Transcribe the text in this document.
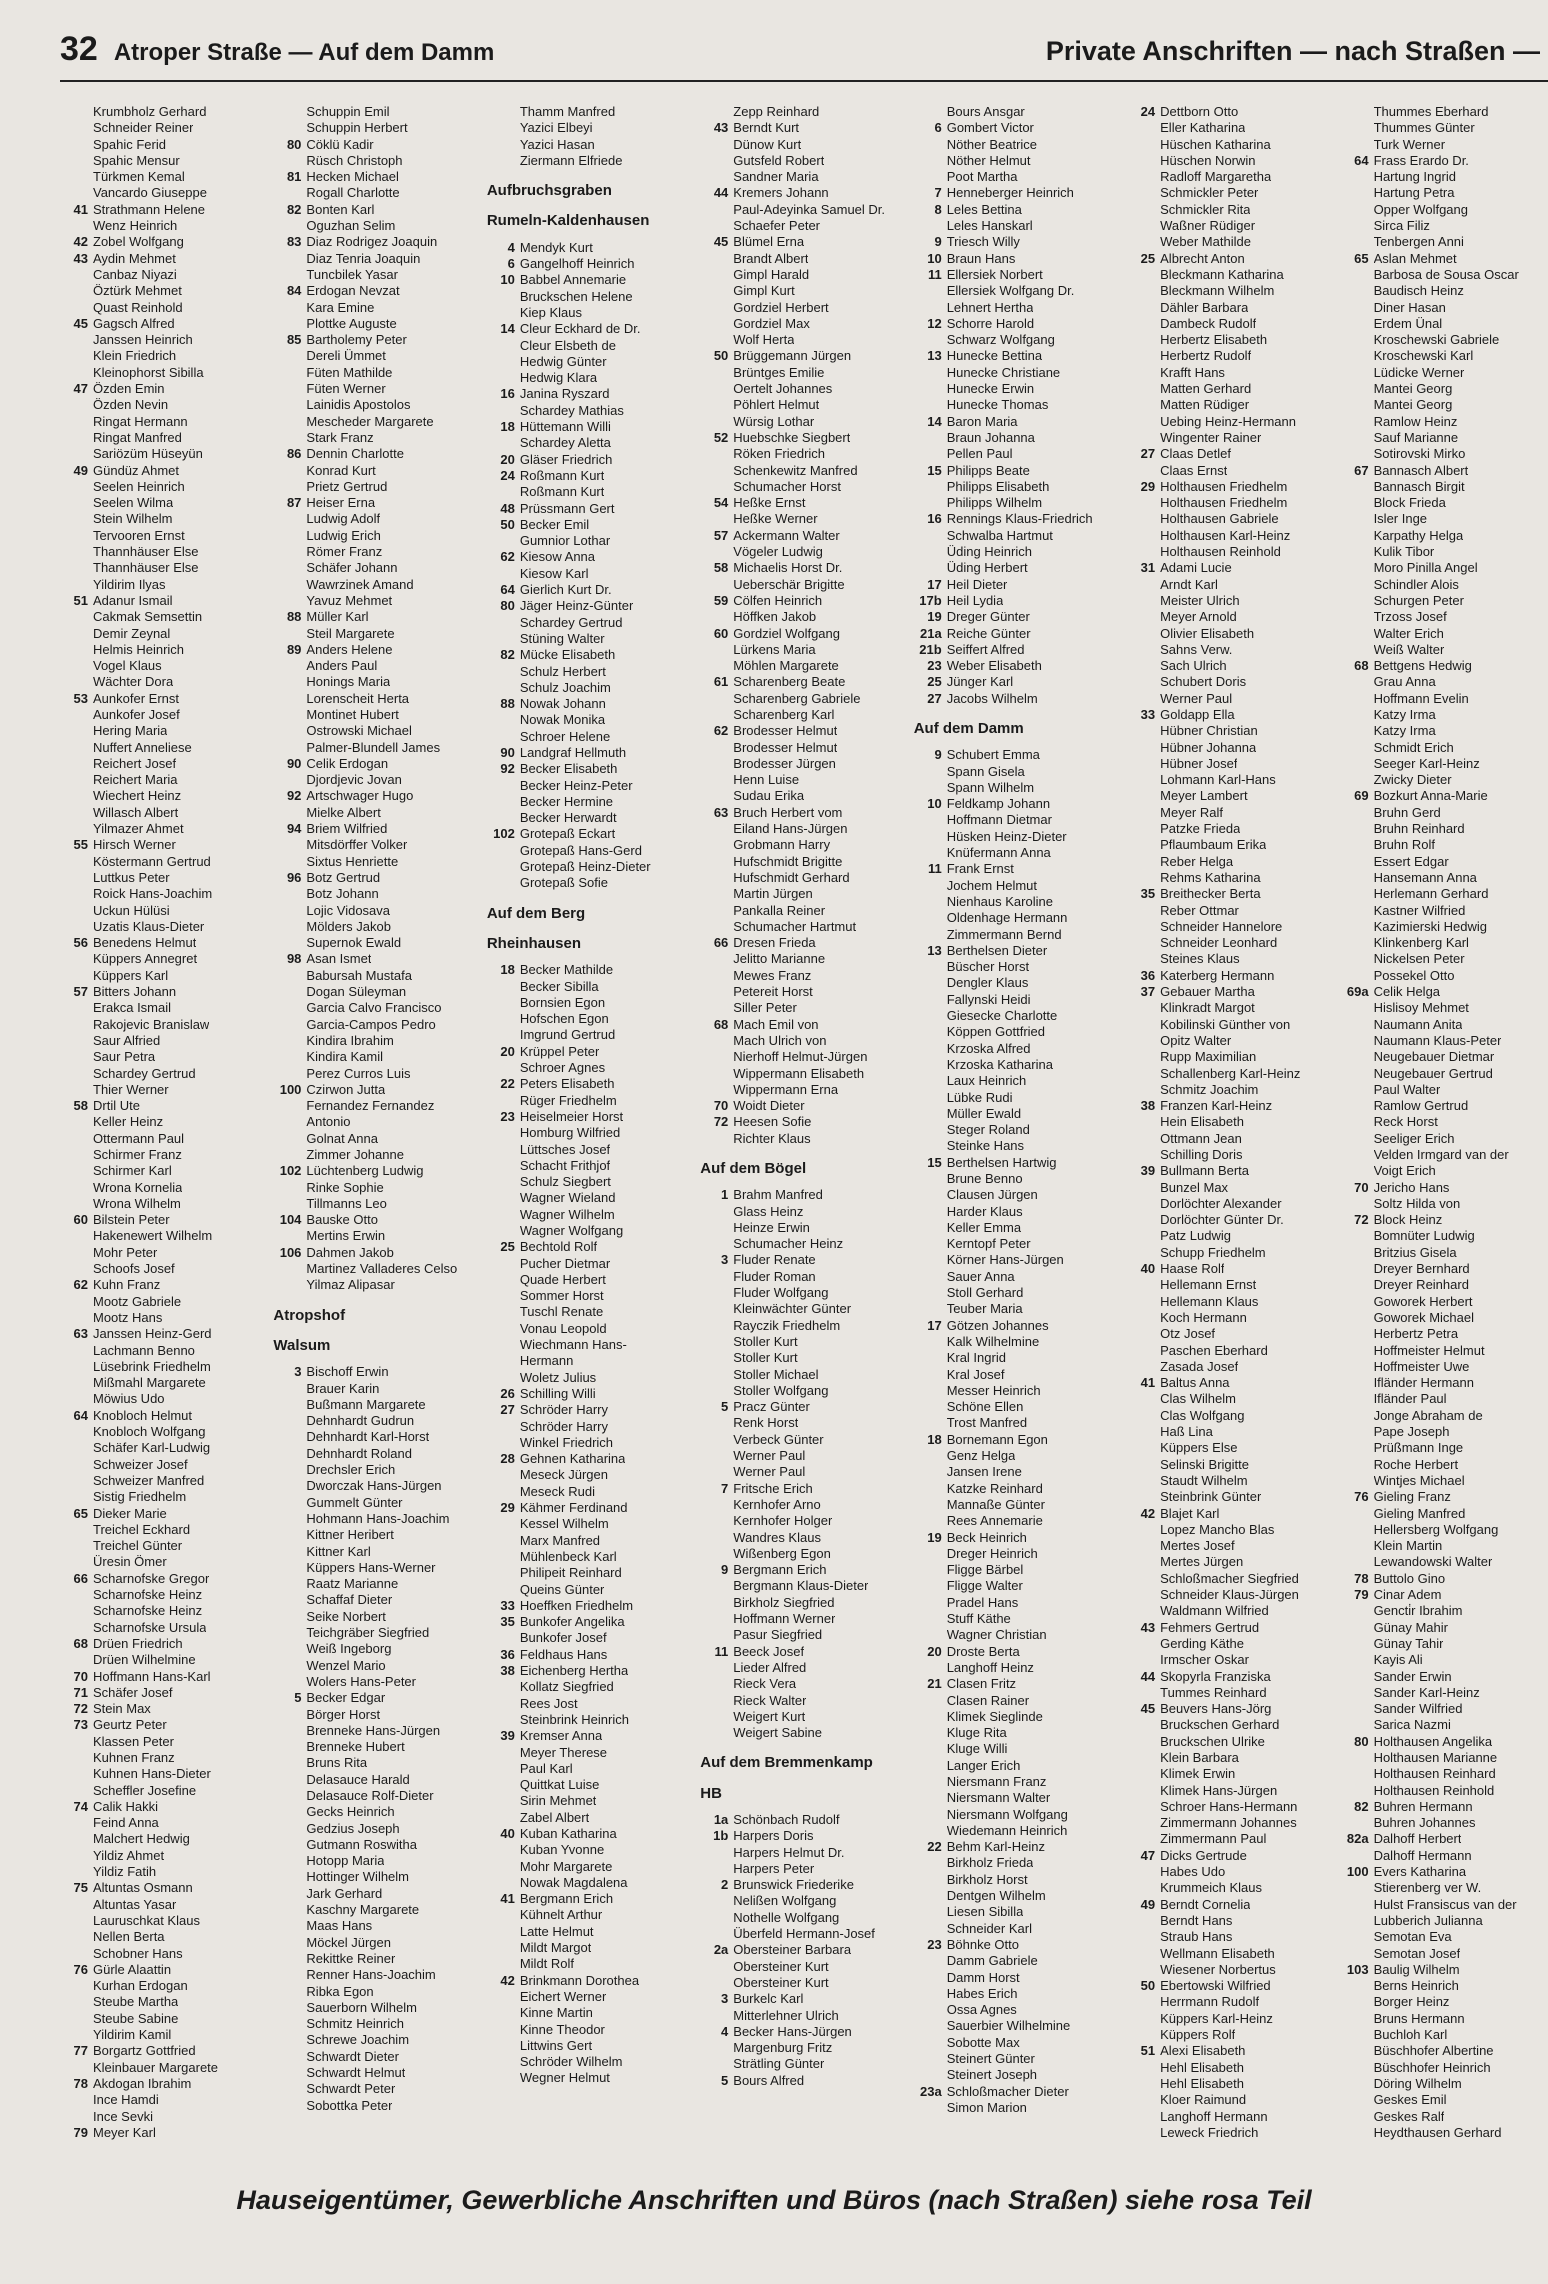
32 Atroper Straße — Auf dem Damm	Private Anschriften — nach Straßen —
Krumbholz Gerhard
Schneider Reiner
Spahic Ferid
Spahic Mensur
Türkmen Kemal
Vancardo Giuseppe
41 Strathmann Helene
Wenz Heinrich
42 Zobel Wolfgang
43 Aydin Mehmet
Canbaz Niyazi
Öztürk Mehmet
Quast Reinhold
45 Gagsch Alfred
Janssen Heinrich
Klein Friedrich
Kleinophorst Sibilla
47 Özden Emin
Özden Nevin
Ringat Hermann
Ringat Manfred
Sariözüm Hüseyün
49 Gündüz Ahmet
Seelen Heinrich
Seelen Wilma
Stein Wilhelm
Tervooren Ernst
Thannhäuser Else
Thannhäuser Else
Yildirim Ilyas
51 Adanur Ismail
Cakmak Semsettin
Demir Zeynal
Helmis Heinrich
Vogel Klaus
Wächter Dora
53 Aunkofer Ernst
Aunkofer Josef
Hering Maria
Nuffert Anneliese
Reichert Josef
Reichert Maria
Wiechert Heinz
Willasch Albert
Yilmazer Ahmet
55 Hirsch Werner
Köstermann Gertrud
Luttkus Peter
Roick Hans-Joachim
Uckun Hülüsi
Uzatis Klaus-Dieter
56 Benedens Helmut
Küppers Annegret
Küppers Karl
57 Bitters Johann
Erakca Ismail
Rakojevic Branislaw
Saur Alfried
Saur Petra
Schardey Gertrud
Thier Werner
58 Drtil Ute
Keller Heinz
Ottermann Paul
Schirmer Franz
Schirmer Karl
Wrona Kornelia
Wrona Wilhelm
60 Bilstein Peter
Hakenewert Wilhelm
Mohr Peter
Schoofs Josef
62 Kuhn Franz
Mootz Gabriele
Mootz Hans
63 Janssen Heinz-Gerd
Lachmann Benno
Lüsebrink Friedhelm
Mißmahl Margarete
Möwius Udo
64 Knobloch Helmut
Knobloch Wolfgang
Schäfer Karl-Ludwig
Schweizer Josef
Schweizer Manfred
Sistig Friedhelm
65 Dieker Marie
Treichel Eckhard
Treichel Günter
Üresin Ömer
66 Scharnofske Gregor
Scharnofske Heinz
Scharnofske Heinz
Scharnofske Ursula
68 Drüen Friedrich
Drüen Wilhelmine
70 Hoffmann Hans-Karl
71 Schäfer Josef
72 Stein Max
73 Geurtz Peter
Klassen Peter
Kuhnen Franz
Kuhnen Hans-Dieter
Scheffler Josefine
74 Calik Hakki
Feind Anna
Malchert Hedwig
Yildiz Ahmet
Yildiz Fatih
75 Altuntas Osmann
Altuntas Yasar
Lauruschkat Klaus
Nellen Berta
Schobner Hans
76 Gürle Alaattin
Kurhan Erdogan
Steube Martha
Steube Sabine
Yildirim Kamil
77 Borgartz Gottfried
Kleinbauer Margarete
78 Akdogan Ibrahim
Ince Hamdi
Ince Sevki
79 Meyer Karl
Schuppin Emil
Schuppin Herbert
80 Cöklü Kadir
Rüsch Christoph
81 Hecken Michael
Rogall Charlotte
82 Bonten Karl
Oguzhan Selim
83 Diaz Rodrigez Joaquin
Diaz Tenria Joaquin
Tuncbilek Yasar
84 Erdogan Nevzat
Kara Emine
Plottke Auguste
85 Bartholemy Peter
Dereli Ümmet
Füten Mathilde
Füten Werner
Lainidis Apostolos
Mescheder Margarete
Stark Franz
86 Dennin Charlotte
Konrad Kurt
Prietz Gertrud
87 Heiser Erna
Ludwig Adolf
Ludwig Erich
Römer Franz
Schäfer Johann
Wawrzinek Amand
Yavuz Mehmet
88 Müller Karl
Steil Margarete
89 Anders Helene
Anders Paul
Honings Maria
Lorenscheit Herta
Montinet Hubert
Ostrowski Michael
Palmer-Blundell James
90 Celik Erdogan
Djordjevic Jovan
92 Artschwager Hugo
Mielke Albert
94 Briem Wilfried
Mitsdörffer Volker
Sixtus Henriette
96 Botz Gertrud
Botz Johann
Lojic Vidosava
Mölders Jakob
Supernok Ewald
98 Asan Ismet
Babursah Mustafa
Dogan Süleyman
Garcia Calvo Francisco
Garcia-Campos Pedro
Kindira Ibrahim
Kindira Kamil
Perez Curros Luis
100 Czirwon Jutta
Fernandez Fernandez
Antonio
Golnat Anna
Zimmer Johanne
102 Lüchtenberg Ludwig
Rinke Sophie
Tillmanns Leo
104 Bauske Otto
Mertins Erwin
106 Dahmen Jakob
Martinez Valladeres Celso
Yilmaz Alipasar
Atropshof
Walsum
3 Bischoff Erwin
Brauer Karin
Bußmann Margarete
Dehnhardt Gudrun
Dehnhardt Karl-Horst
Dehnhardt Roland
Drechsler Erich
Dworczak Hans-Jürgen
Gummelt Günter
Hohmann Hans-Joachim
Kittner Heribert
Kittner Karl
Küppers Hans-Werner
Raatz Marianne
Schaffaf Dieter
Seike Norbert
Teichgräber Siegfried
Weiß Ingeborg
Wenzel Mario
Wolers Hans-Peter
5 Becker Edgar
Börger Horst
Brenneke Hans-Jürgen
Brenneke Hubert
Bruns Rita
Delasauce Harald
Delasauce Rolf-Dieter
Gecks Heinrich
Gedzius Joseph
Gutmann Roswitha
Hotopp Maria
Hottinger Wilhelm
Jark Gerhard
Kaschny Margarete
Maas Hans
Möckel Jürgen
Rekittke Reiner
Renner Hans-Joachim
Ribka Egon
Sauerborn Wilhelm
Schmitz Heinrich
Schrewe Joachim
Schwardt Dieter
Schwardt Helmut
Schwardt Peter
Sobottka Peter
Thamm Manfred
Yazici Elbeyi
Yazici Hasan
Ziermann Elfriede
Aufbruchsgraben
Rumeln-Kaldenhausen
4 Mendyk Kurt
6 Gangelhoff Heinrich
10 Babbel Annemarie
Bruckschen Helene
Kiep Klaus
14 Cleur Eckhard de Dr.
Cleur Elsbeth de
Hedwig Günter
Hedwig Klara
16 Janina Ryszard
Schardey Mathias
18 Hüttemann Willi
Schardey Aletta
20 Gläser Friedrich
24 Roßmann Kurt
Roßmann Kurt
48 Prüssmann Gert
50 Becker Emil
Gumnior Lothar
62 Kiesow Anna
Kiesow Karl
64 Gierlich Kurt Dr.
80 Jäger Heinz-Günter
Schardey Gertrud
Stüning Walter
82 Mücke Elisabeth
Schulz Herbert
Schulz Joachim
88 Nowak Johann
Nowak Monika
Schroer Helene
90 Landgraf Hellmuth
92 Becker Elisabeth
Becker Heinz-Peter
Becker Hermine
Becker Herwardt
102 Grotepaß Eckart
Grotepaß Hans-Gerd
Grotepaß Heinz-Dieter
Grotepaß Sofie
Auf dem Berg
Rheinhausen
18 Becker Mathilde
Becker Sibilla
Bornsien Egon
Hofschen Egon
Imgrund Gertrud
20 Krüppel Peter
Schroer Agnes
22 Peters Elisabeth
Rüger Friedhelm
23 Heiselmeier Horst
Homburg Wilfried
Lüttsches Josef
Schacht Frithjof
Schulz Siegbert
Wagner Wieland
Wagner Wilhelm
Wagner Wolfgang
25 Bechtold Rolf
Pucher Dietmar
Quade Herbert
Sommer Horst
Tuschl Renate
Vonau Leopold
Wiechmann Hans-
Hermann
Woletz Julius
26 Schilling Willi
27 Schröder Harry
Schröder Harry
Winkel Friedrich
28 Gehnen Katharina
Meseck Jürgen
Meseck Rudi
29 Kähmer Ferdinand
Kessel Wilhelm
Marx Manfred
Mühlenbeck Karl
Philipeit Reinhard
Queins Günter
33 Hoeffken Friedhelm
35 Bunkofer Angelika
Bunkofer Josef
36 Feldhaus Hans
38 Eichenberg Hertha
Kollatz Siegfried
Rees Jost
Steinbrink Heinrich
39 Kremser Anna
Meyer Therese
Paul Karl
Quittkat Luise
Sirin Mehmet
Zabel Albert
40 Kuban Katharina
Kuban Yvonne
Mohr Margarete
Nowak Magdalena
41 Bergmann Erich
Kühnelt Arthur
Latte Helmut
Mildt Margot
Mildt Rolf
42 Brinkmann Dorothea
Eichert Werner
Kinne Martin
Kinne Theodor
Littwins Gert
Schröder Wilhelm
Wegner Helmut
Zepp Reinhard
43 Berndt Kurt
Dünow Kurt
Gutsfeld Robert
Sandner Maria
44 Kremers Johann
Paul-Adeyinka Samuel Dr.
Schaefer Peter
45 Blümel Erna
Brandt Albert
Gimpl Harald
Gimpl Kurt
Gordziel Herbert
Gordziel Max
Wolf Herta
50 Brüggemann Jürgen
Brüntges Emilie
Oertelt Johannes
Pöhlert Helmut
Würsig Lothar
52 Huebschke Siegbert
Röken Friedrich
Schenkewitz Manfred
Schumacher Horst
54 Heßke Ernst
Heßke Werner
57 Ackermann Walter
Vögeler Ludwig
58 Michaelis Horst Dr.
Ueberschär Brigitte
59 Cölfen Heinrich
Höffken Jakob
60 Gordziel Wolfgang
Lürkens Maria
Möhlen Margarete
61 Scharenberg Beate
Scharenberg Gabriele
Scharenberg Karl
62 Brodesser Helmut
Brodesser Helmut
Brodesser Jürgen
Henn Luise
Sudau Erika
63 Bruch Herbert vom
Eiland Hans-Jürgen
Grobmann Harry
Hufschmidt Brigitte
Hufschmidt Gerhard
Martin Jürgen
Pankalla Reiner
Schumacher Hartmut
66 Dresen Frieda
Jelitto Marianne
Mewes Franz
Petereit Horst
Siller Peter
68 Mach Emil von
Mach Ulrich von
Nierhoff Helmut-Jürgen
Wippermann Elisabeth
Wippermann Erna
70 Woidt Dieter
72 Heesen Sofie
Richter Klaus
Auf dem Bögel
1 Brahm Manfred
Glass Heinz
Heinze Erwin
Schumacher Heinz
3 Fluder Renate
Fluder Roman
Fluder Wolfgang
Kleinwächter Günter
Rayczik Friedhelm
Stoller Kurt
Stoller Kurt
Stoller Michael
Stoller Wolfgang
5 Pracz Günter
Renk Horst
Verbeck Günter
Werner Paul
Werner Paul
7 Fritsche Erich
Kernhofer Arno
Kernhofer Holger
Wandres Klaus
Wißenberg Egon
9 Bergmann Erich
Bergmann Klaus-Dieter
Birkholz Siegfried
Hoffmann Werner
Pasur Siegfried
11 Beeck Josef
Lieder Alfred
Rieck Vera
Rieck Walter
Weigert Kurt
Weigert Sabine
Auf dem Bremmenkamp
HB
1a Schönbach Rudolf
1b Harpers Doris
Harpers Helmut Dr.
Harpers Peter
2 Brunswick Friederike
Nelißen Wolfgang
Nothelle Wolfgang
Überfeld Hermann-Josef
2a Obersteiner Barbara
Obersteiner Kurt
Obersteiner Kurt
3 Burkelc Karl
Mitterlehner Ulrich
4 Becker Hans-Jürgen
Margenburg Fritz
Strätling Günter
5 Bours Alfred
Bours Ansgar
6 Gombert Victor
Nöther Beatrice
Nöther Helmut
Poot Martha
7 Henneberger Heinrich
8 Leles Bettina
Leles Hanskarl
9 Triesch Willy
10 Braun Hans
11 Ellersiek Norbert
Ellersiek Wolfgang Dr.
Lehnert Hertha
12 Schorre Harold
Schwarz Wolfgang
13 Hunecke Bettina
Hunecke Christiane
Hunecke Erwin
Hunecke Thomas
14 Baron Maria
Braun Johanna
Pellen Paul
15 Philipps Beate
Philipps Elisabeth
Philipps Wilhelm
16 Rennings Klaus-Friedrich
Schwalba Hartmut
Üding Heinrich
Üding Herbert
17 Heil Dieter
17b Heil Lydia
19 Dreger Günter
21a Reiche Günter
21b Seiffert Alfred
23 Weber Elisabeth
25 Jünger Karl
27 Jacobs Wilhelm
Auf dem Damm
9 Schubert Emma
Spann Gisela
Spann Wilhelm
10 Feldkamp Johann
Hoffmann Dietmar
Hüsken Heinz-Dieter
Knüfermann Anna
11 Frank Ernst
Jochem Helmut
Nienhaus Karoline
Oldenhage Hermann
Zimmermann Bernd
13 Berthelsen Dieter
Büscher Horst
Dengler Klaus
Fallynski Heidi
Giesecke Charlotte
Köppen Gottfried
Krzoska Alfred
Krzoska Katharina
Laux Heinrich
Lübke Rudi
Müller Ewald
Steger Roland
Steinke Hans
15 Berthelsen Hartwig
Brune Benno
Clausen Jürgen
Harder Klaus
Keller Emma
Kerntopf Peter
Körner Hans-Jürgen
Sauer Anna
Stoll Gerhard
Teuber Maria
17 Götzen Johannes
Kalk Wilhelmine
Kral Ingrid
Kral Josef
Messer Heinrich
Schöne Ellen
Trost Manfred
18 Bornemann Egon
Genz Helga
Jansen Irene
Katzke Reinhard
Mannaße Günter
Rees Annemarie
19 Beck Heinrich
Dreger Heinrich
Fligge Bärbel
Fligge Walter
Pradel Hans
Stuff Käthe
Wagner Christian
20 Droste Berta
Langhoff Heinz
21 Clasen Fritz
Clasen Rainer
Klimek Sieglinde
Kluge Rita
Kluge Willi
Langer Erich
Niersmann Franz
Niersmann Walter
Niersmann Wolfgang
Wiedemann Heinrich
22 Behm Karl-Heinz
Birkholz Frieda
Birkholz Horst
Dentgen Wilhelm
Liesen Sibilla
Schneider Karl
23 Böhnke Otto
Damm Gabriele
Damm Horst
Habes Erich
Ossa Agnes
Sauerbier Wilhelmine
Sobotte Max
Steinert Günter
Steinert Joseph
23a Schloßmacher Dieter
Simon Marion
24 Dettborn Otto
Eller Katharina
Hüschen Katharina
Hüschen Norwin
Radloff Margaretha
Schmickler Peter
Schmickler Rita
Waßner Rüdiger
Weber Mathilde
25 Albrecht Anton
Bleckmann Katharina
Bleckmann Wilhelm
Dähler Barbara
Dambeck Rudolf
Herbertz Elisabeth
Herbertz Rudolf
Krafft Hans
Matten Gerhard
Matten Rüdiger
Uebing Heinz-Hermann
Wingenter Rainer
27 Claas Detlef
Claas Ernst
29 Holthausen Friedhelm
Holthausen Friedhelm
Holthausen Gabriele
Holthausen Karl-Heinz
Holthausen Reinhold
31 Adami Lucie
Arndt Karl
Meister Ulrich
Meyer Arnold
Olivier Elisabeth
Sahns Verw.
Sach Ulrich
Schubert Doris
Werner Paul
33 Goldapp Ella
Hübner Christian
Hübner Johanna
Hübner Josef
Lohmann Karl-Hans
Meyer Lambert
Meyer Ralf
Patzke Frieda
Pflaumbaum Erika
Reber Helga
Rehms Katharina
35 Breithecker Berta
Reber Ottmar
Schneider Hannelore
Schneider Leonhard
Steines Klaus
36 Katerberg Hermann
37 Gebauer Martha
Klinkradt Margot
Kobilinski Günther von
Opitz Walter
Rupp Maximilian
Schallenberg Karl-Heinz
Schmitz Joachim
38 Franzen Karl-Heinz
Hein Elisabeth
Ottmann Jean
Schilling Doris
39 Bullmann Berta
Bunzel Max
Dorlöchter Alexander
Dorlöchter Günter Dr.
Patz Ludwig
Schupp Friedhelm
40 Haase Rolf
Hellemann Ernst
Hellemann Klaus
Koch Hermann
Otz Josef
Paschen Eberhard
Zasada Josef
41 Baltus Anna
Clas Wilhelm
Clas Wolfgang
Haß Lina
Küppers Else
Selinski Brigitte
Staudt Wilhelm
Steinbrink Günter
42 Blajet Karl
Lopez Mancho Blas
Mertes Josef
Mertes Jürgen
Schloßmacher Siegfried
Schneider Klaus-Jürgen
Waldmann Wilfried
43 Fehmers Gertrud
Gerding Käthe
Irmscher Oskar
44 Skopyrla Franziska
Tummes Reinhard
45 Beuvers Hans-Jörg
Bruckschen Gerhard
Bruckschen Ulrike
Klein Barbara
Klimek Erwin
Klimek Hans-Jürgen
Schroer Hans-Hermann
Zimmermann Johannes
Zimmermann Paul
47 Dicks Gertrude
Habes Udo
Krummeich Klaus
49 Berndt Cornelia
Berndt Hans
Straub Hans
Wellmann Elisabeth
Wiesener Norbertus
50 Ebertowski Wilfried
Herrmann Rudolf
Küppers Karl-Heinz
Küppers Rolf
51 Alexi Elisabeth
Hehl Elisabeth
Hehl Elisabeth
Kloer Raimund
Langhoff Hermann
Leweck Friedrich
Thummes Eberhard
Thummes Günter
Turk Werner
64 Frass Erardo Dr.
Hartung Ingrid
Hartung Petra
Opper Wolfgang
Sirca Filiz
Tenbergen Anni
65 Aslan Mehmet
Barbosa de Sousa Oscar
Baudisch Heinz
Diner Hasan
Erdem Ünal
Kroschewski Gabriele
Kroschewski Karl
Lüdicke Werner
Mantei Georg
Mantei Georg
Ramlow Heinz
Sauf Marianne
Sotirovski Mirko
67 Bannasch Albert
Bannasch Birgit
Block Frieda
Isler Inge
Karpathy Helga
Kulik Tibor
Moro Pinilla Angel
Schindler Alois
Schurgen Peter
Trzoss Josef
Walter Erich
Weiß Walter
68 Bettgens Hedwig
Grau Anna
Hoffmann Evelin
Katzy Irma
Katzy Irma
Schmidt Erich
Seeger Karl-Heinz
Zwicky Dieter
69 Bozkurt Anna-Marie
Bruhn Gerd
Bruhn Reinhard
Bruhn Rolf
Essert Edgar
Hansemann Anna
Herlemann Gerhard
Kastner Wilfried
Kazimierski Hedwig
Klinkenberg Karl
Nickelsen Peter
Possekel Otto
69a Celik Helga
Hislisoy Mehmet
Naumann Anita
Naumann Klaus-Peter
Neugebauer Dietmar
Neugebauer Gertrud
Paul Walter
Ramlow Gertrud
Reck Horst
Seeliger Erich
Velden Irmgard van der
Voigt Erich
70 Jericho Hans
Soltz Hilda von
72 Block Heinz
Bomnüter Ludwig
Britzius Gisela
Dreyer Bernhard
Dreyer Reinhard
Goworek Herbert
Goworek Michael
Herbertz Petra
Hoffmeister Helmut
Hoffmeister Uwe
Ifländer Hermann
Ifländer Paul
Jonge Abraham de
Pape Joseph
Prüßmann Inge
Roche Herbert
Wintjes Michael
76 Gieling Franz
Gieling Manfred
Hellersberg Wolfgang
Klein Martin
Lewandowski Walter
78 Buttolo Gino
79 Cinar Adem
Gencti̇r Ibrahim
Günay Mahir
Günay Tahir
Kayis Ali
Sander Erwin
Sander Karl-Heinz
Sander Wilfried
Sarica Nazmi
80 Holthausen Angelika
Holthausen Marianne
Holthausen Reinhard
Holthausen Reinhold
82 Buhren Hermann
Buhren Johannes
82a Dalhoff Herbert
Dalhoff Hermann
100 Evers Katharina
Stierenberg ver W.
Hulst Fransiscus van der
Lubberich Julianna
Semotan Eva
Semotan Josef
103 Baulig Wilhelm
Berns Heinrich
Borger Heinz
Bruns Hermann
Buchloh Karl
Büschhofer Albertine
Büschhofer Heinrich
Döring Wilhelm
Geskes Emil
Geskes Ralf
Heydthausen Gerhard
Hauseigentümer, Gewerbliche Anschriften und Büros (nach Straßen) siehe rosa Teil
